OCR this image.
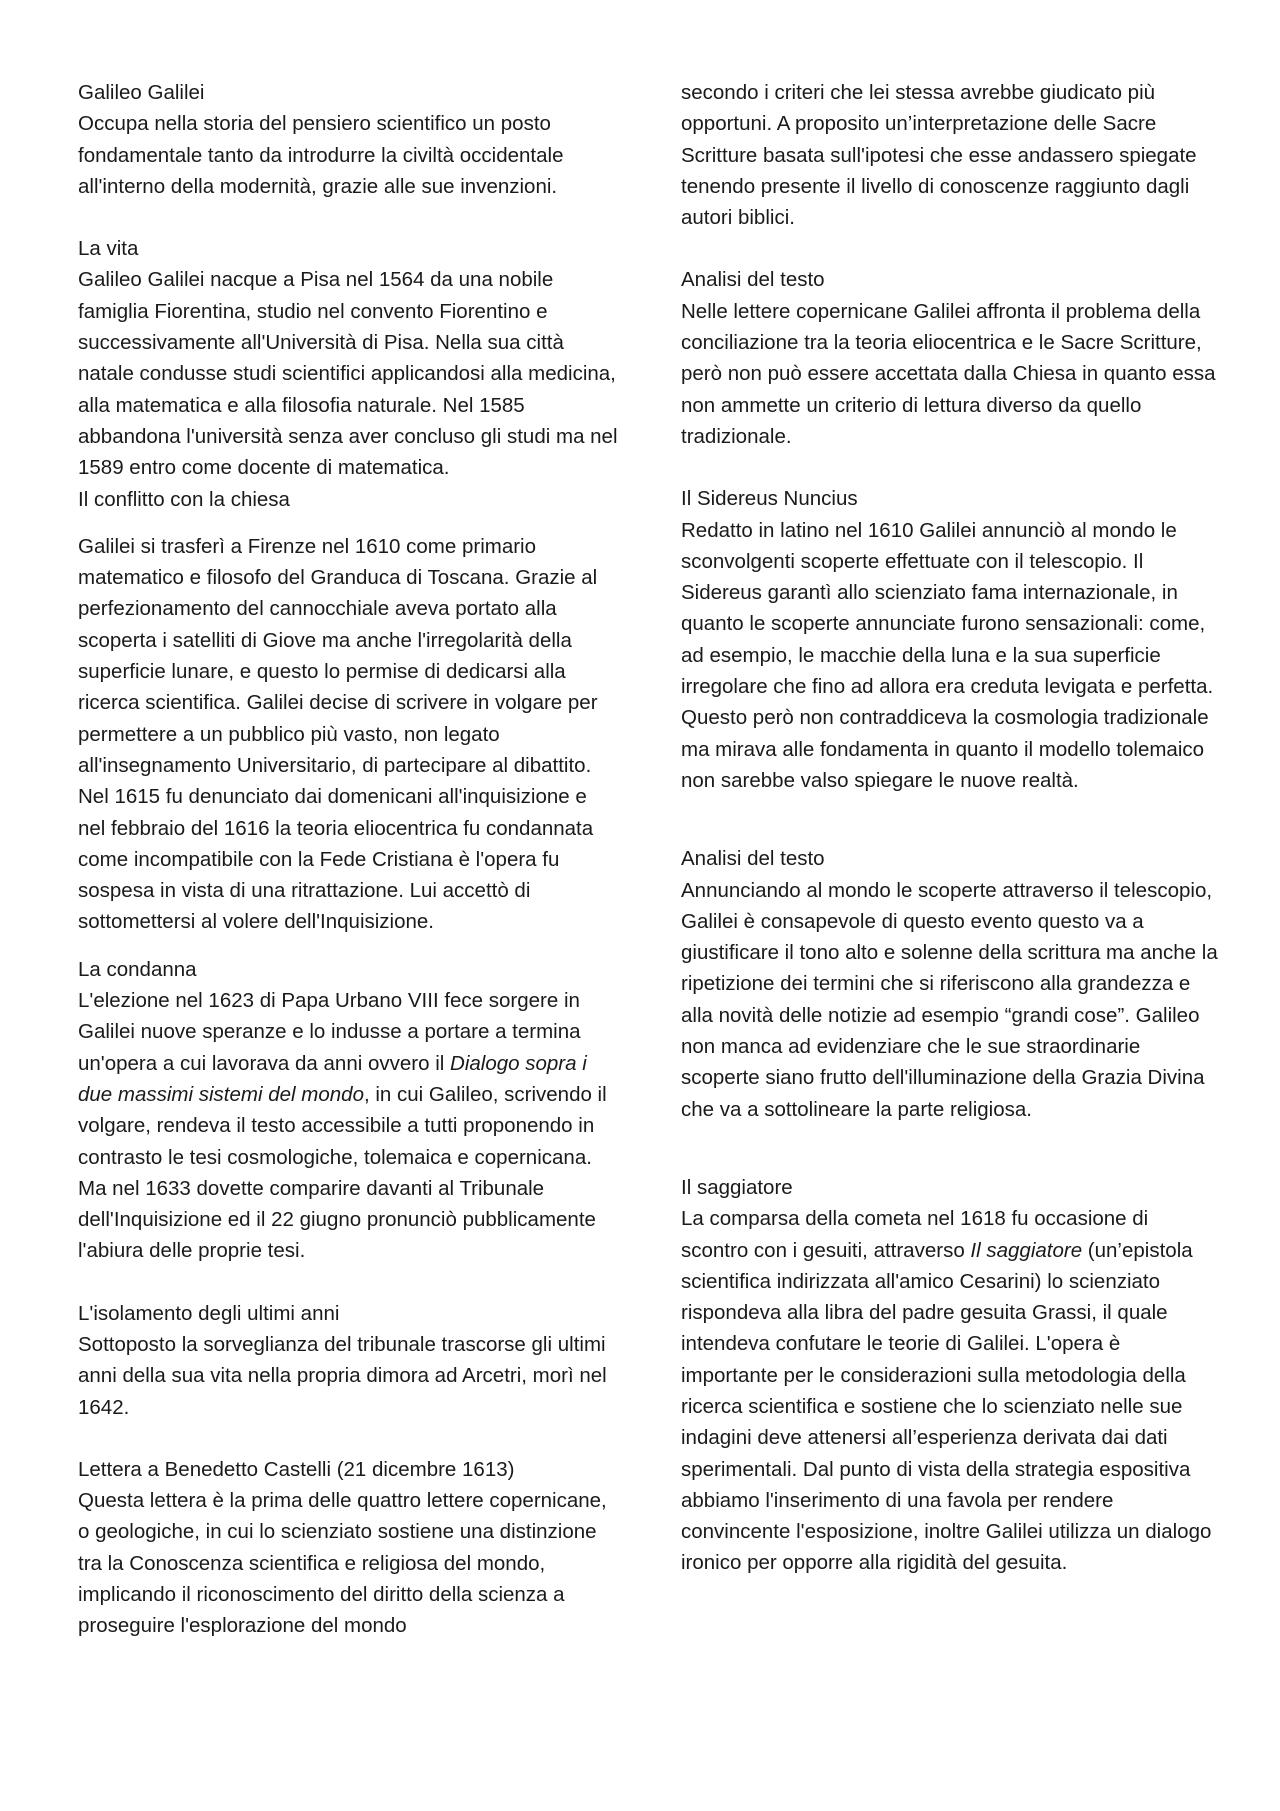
Galileo Galilei

Occupa nella storia del pensiero scientifico un posto fondamentale tanto da introdurre la civiltà occidentale all'interno della modernità, grazie alle sue invenzioni.

La vita

Galileo Galilei nacque a Pisa nel 1564 da una nobile famiglia Fiorentina, studio nel convento Fiorentino e successivamente all'Università di Pisa. Nella sua città natale condusse studi scientifici applicandosi alla medicina, alla matematica e alla filosofia naturale. Nel 1585 abbandona l'università senza aver concluso gli studi ma nel 1589 entro come docente di matematica.

Il conflitto con la chiesa

Galilei si trasferì a Firenze nel 1610 come primario matematico e filosofo del Granduca di Toscana. Grazie al perfezionamento del cannocchiale aveva portato alla scoperta i satelliti di Giove ma anche l'irregolarità della superficie lunare, e questo lo permise di dedicarsi alla ricerca scientifica. Galilei decise di scrivere in volgare per permettere a un pubblico più vasto, non legato all'insegnamento Universitario, di partecipare al dibattito. Nel 1615 fu denunciato dai domenicani all'inquisizione e nel febbraio del 1616 la teoria eliocentrica fu condannata come incompatibile con la Fede Cristiana è l'opera fu sospesa in vista di una ritrattazione. Lui accettò di sottomettersi al volere dell'Inquisizione.

La condanna

L'elezione nel 1623 di Papa Urbano VIII fece sorgere in Galilei nuove speranze e lo indusse a portare a termina un'opera a cui lavorava da anni ovvero il Dialogo sopra i due massimi sistemi del mondo, in cui Galileo, scrivendo il volgare, rendeva il testo accessibile a tutti proponendo in contrasto le tesi cosmologiche, tolemaica e copernicana. Ma nel 1633 dovette comparire davanti al Tribunale dell'Inquisizione ed il 22 giugno pronunciò pubblicamente l'abiura delle proprie tesi.

L'isolamento degli ultimi anni

Sottoposto la sorveglianza del tribunale trascorse gli ultimi anni della sua vita nella propria dimora ad Arcetri, morì nel 1642.

Lettera a Benedetto Castelli (21 dicembre 1613)

Questa lettera è la prima delle quattro lettere copernicane, o geologiche, in cui lo scienziato sostiene una distinzione tra la Conoscenza scientifica e religiosa del mondo, implicando il riconoscimento del diritto della scienza a proseguire l'esplorazione del mondo

secondo i criteri che lei stessa avrebbe giudicato più opportuni. A proposito un’interpretazione delle Sacre Scritture basata sull'ipotesi che esse andassero spiegate tenendo presente il livello di conoscenze raggiunto dagli autori biblici.

Analisi del testo

Nelle lettere copernicane Galilei affronta il problema della conciliazione tra la teoria eliocentrica e le Sacre Scritture, però non può essere accettata dalla Chiesa in quanto essa non ammette un criterio di lettura diverso da quello tradizionale.

Il Sidereus Nuncius

Redatto in latino nel 1610 Galilei annunciò al mondo le sconvolgenti scoperte effettuate con il telescopio. Il Sidereus garantì allo scienziato fama internazionale, in quanto le scoperte annunciate furono sensazionali: come, ad esempio, le macchie della luna e la sua superficie irregolare che fino ad allora era creduta levigata e perfetta. Questo però non contraddiceva la cosmologia tradizionale ma mirava alle fondamenta in quanto il modello tolemaico non sarebbe valso spiegare le nuove realtà.

Analisi del testo

Annunciando al mondo le scoperte attraverso il telescopio, Galilei è consapevole di questo evento questo va a giustificare il tono alto e solenne della scrittura ma anche la ripetizione dei termini che si riferiscono alla grandezza e alla novità delle notizie ad esempio “grandi cose”. Galileo non manca ad evidenziare che le sue straordinarie scoperte siano frutto dell'illuminazione della Grazia Divina che va a sottolineare la parte religiosa.

Il saggiatore

La comparsa della cometa nel 1618 fu occasione di scontro con i gesuiti, attraverso Il saggiatore (un’epistola scientifica indirizzata all'amico Cesarini) lo scienziato rispondeva alla libra del padre gesuita Grassi, il quale intendeva confutare le teorie di Galilei. L'opera è importante per le considerazioni sulla metodologia della ricerca scientifica e sostiene che lo scienziato nelle sue indagini deve attenersi all’esperienza derivata dai dati sperimentali. Dal punto di vista della strategia espositiva abbiamo l'inserimento di una favola per rendere convincente l'esposizione, inoltre Galilei utilizza un dialogo ironico per opporre alla rigidità del gesuita.
